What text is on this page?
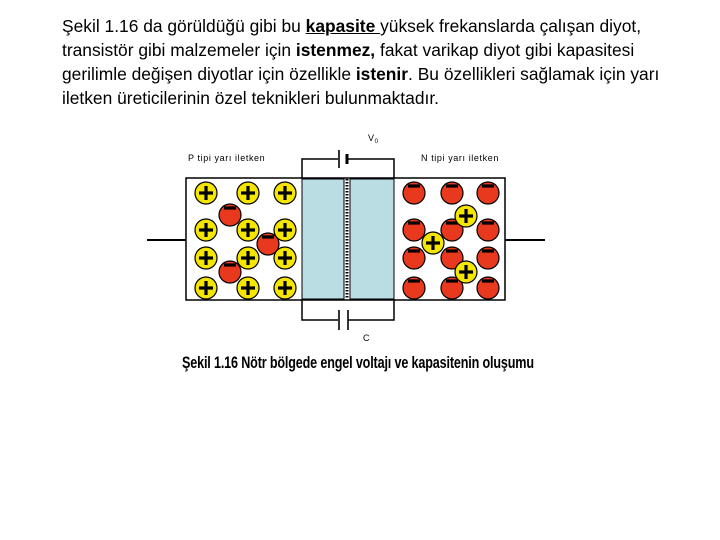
Şekil 1.16 da görüldüğü gibi bu kapasite yüksek frekanslarda çalışan diyot, transistör gibi malzemeler için istenmez, fakat varikap diyot gibi kapasitesi gerilimle değişen diyotlar için özellikle istenir. Bu özellikleri sağlamak için yarı iletken üreticilerinin özel teknikleri bulunmaktadır.
$V_0$
P tipi yarı iletken	N tipi yarı iletken
C
Şekil 1.16 Nötr bölgede engel voltajı ve kapasitenin oluşumu
